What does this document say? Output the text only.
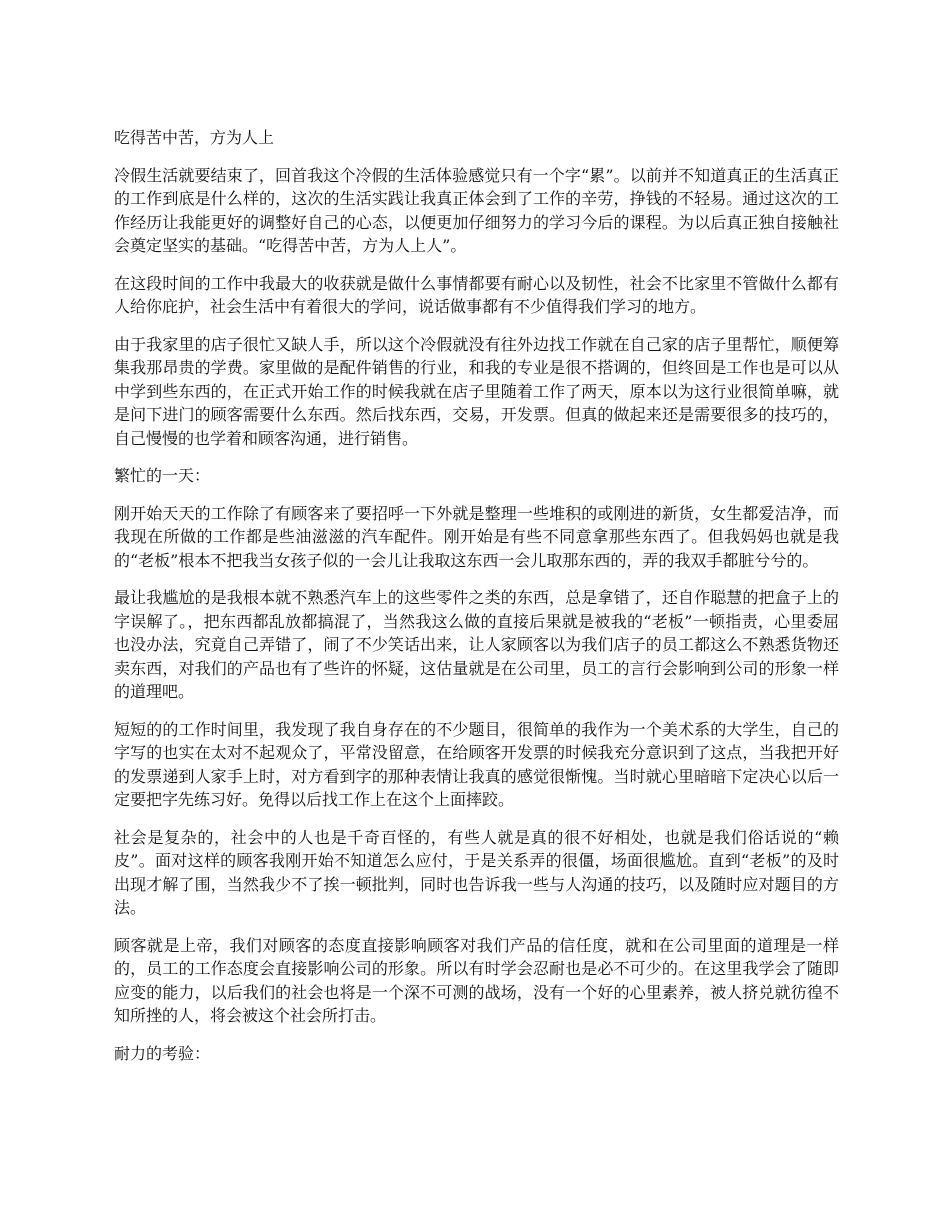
吃得苦中苦，方为人上

冷假生活就要结束了，回首我这个冷假的生活体验感觉只有一个字“累”。以前并不知道真正的生活真正的工作到底是什么样的，这次的生活实践让我真正体会到了工作的辛劳，挣钱的不轻易。通过这次的工作经历让我能更好的调整好自己的心态，以便更加仔细努力的学习今后的课程。为以后真正独自接触社会奠定坚实的基础。“吃得苦中苦，方为人上人”。

在这段时间的工作中我最大的收获就是做什么事情都要有耐心以及韧性，社会不比家里不管做什么都有人给你庇护，社会生活中有着很大的学问，说话做事都有不少值得我们学习的地方。

由于我家里的店子很忙又缺人手，所以这个冷假就没有往外边找工作就在自己家的店子里帮忙，顺便筹集我那昂贵的学费。家里做的是配件销售的行业，和我的专业是很不搭调的，但终回是工作也是可以从中学到些东西的，在正式开始工作的时候我就在店子里随着工作了两天，原本以为这行业很简单嘛，就是问下进门的顾客需要什么东西。然后找东西，交易，开发票。但真的做起来还是需要很多的技巧的，自己慢慢的也学着和顾客沟通，进行销售。

繁忙的一天：

刚开始天天的工作除了有顾客来了要招呼一下外就是整理一些堆积的或刚进的新货，女生都爱洁净，而我现在所做的工作都是些油滋滋的汽车配件。刚开始是有些不同意拿那些东西了。但我妈妈也就是我的“老板”根本不把我当女孩子似的一会儿让我取这东西一会儿取那东西的，弄的我双手都脏兮兮的。

最让我尴尬的是我根本就不熟悉汽车上的这些零件之类的东西，总是拿错了，还自作聪慧的把盒子上的字误解了。，把东西都乱放都搞混了，当然我这么做的直接后果就是被我的“老板”一顿指责，心里委屈也没办法，究竟自己弄错了，闹了不少笑话出来，让人家顾客以为我们店子的员工都这么不熟悉货物还卖东西，对我们的产品也有了些许的怀疑，这估量就是在公司里，员工的言行会影响到公司的形象一样的道理吧。

短短的的工作时间里，我发现了我自身存在的不少题目，很简单的我作为一个美术系的大学生，自己的字写的也实在太对不起观众了，平常没留意，在给顾客开发票的时候我充分意识到了这点，当我把开好的发票递到人家手上时，对方看到字的那种表情让我真的感觉很惭愧。当时就心里暗暗下定决心以后一定要把字先练习好。免得以后找工作上在这个上面摔跤。

社会是复杂的，社会中的人也是千奇百怪的，有些人就是真的很不好相处，也就是我们俗话说的“赖皮”。面对这样的顾客我刚开始不知道怎么应付，于是关系弄的很僵，场面很尴尬。直到“老板”的及时出现才解了围，当然我少不了挨一顿批判，同时也告诉我一些与人沟通的技巧，以及随时应对题目的方法。

顾客就是上帝，我们对顾客的态度直接影响顾客对我们产品的信任度，就和在公司里面的道理是一样的，员工的工作态度会直接影响公司的形象。所以有时学会忍耐也是必不可少的。在这里我学会了随即应变的能力，以后我们的社会也将是一个深不可测的战场，没有一个好的心里素养，被人挤兑就彷徨不知所挫的人，将会被这个社会所打击。

耐力的考验：
